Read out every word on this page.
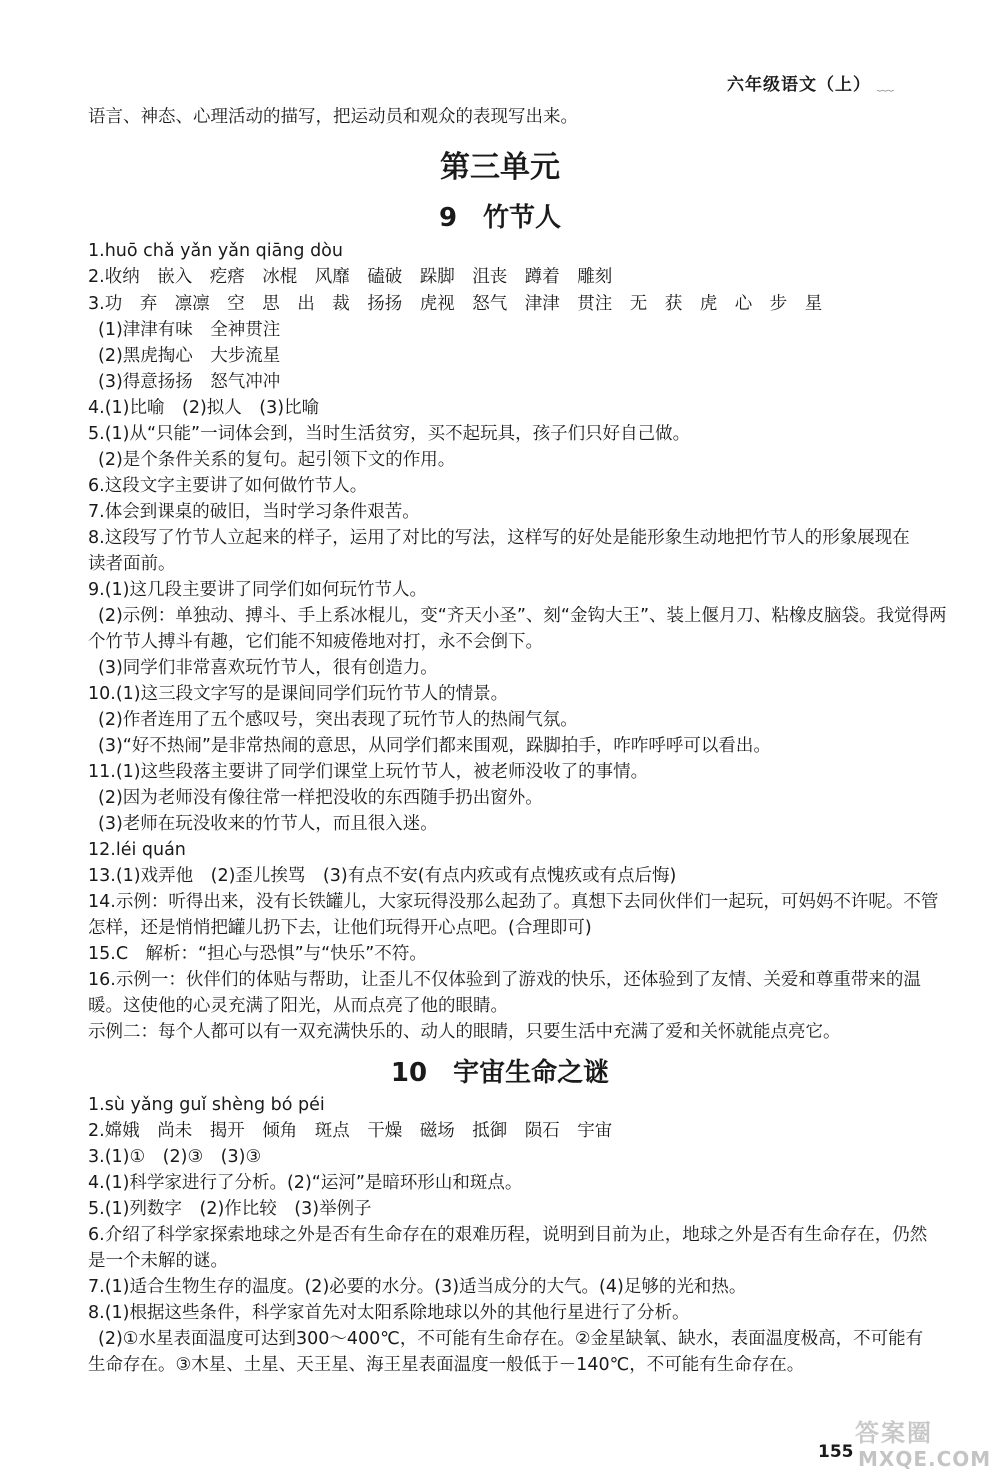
六年级语文（上） ﹏
语言、神态、心理活动的描写，把运动员和观众的表现写出来。
第三单元
9　竹节人
1.huō chǎ yǎn yǎn qiāng dòu
2.收纳　嵌入　疙瘩　冰棍　风靡　磕破　跺脚　沮丧　蹲着　雕刻
3.功　弃　凛凛　空　思　出　裁　扬扬　虎视　怒气　津津　贯注　无　获　虎　心　步　星
(1)津津有味　全神贯注
(2)黑虎掏心　大步流星
(3)得意扬扬　怒气冲冲
4.(1)比喻　(2)拟人　(3)比喻
5.(1)从“只能”一词体会到，当时生活贫穷，买不起玩具，孩子们只好自己做。
(2)是个条件关系的复句。起引领下文的作用。
6.这段文字主要讲了如何做竹节人。
7.体会到课桌的破旧，当时学习条件艰苦。
8.这段写了竹节人立起来的样子，运用了对比的写法，这样写的好处是能形象生动地把竹节人的形象展现在
读者面前。
9.(1)这几段主要讲了同学们如何玩竹节人。
(2)示例：单独动、搏斗、手上系冰棍儿，变“齐天小圣”、刻“金钩大王”、装上偃月刀、粘橡皮脑袋。我觉得两
个竹节人搏斗有趣，它们能不知疲倦地对打，永不会倒下。
(3)同学们非常喜欢玩竹节人，很有创造力。
10.(1)这三段文字写的是课间同学们玩竹节人的情景。
(2)作者连用了五个感叹号，突出表现了玩竹节人的热闹气氛。
(3)“好不热闹”是非常热闹的意思，从同学们都来围观，跺脚拍手，咋咋呼呼可以看出。
11.(1)这些段落主要讲了同学们课堂上玩竹节人，被老师没收了的事情。
(2)因为老师没有像往常一样把没收的东西随手扔出窗外。
(3)老师在玩没收来的竹节人，而且很入迷。
12.léi quán
13.(1)戏弄他　(2)歪儿挨骂　(3)有点不安(有点内疚或有点愧疚或有点后悔)
14.示例：听得出来，没有长铁罐儿，大家玩得没那么起劲了。真想下去同伙伴们一起玩，可妈妈不许呢。不管
怎样，还是悄悄把罐儿扔下去，让他们玩得开心点吧。(合理即可)
15.C　解析：“担心与恐惧”与“快乐”不符。
16.示例一：伙伴们的体贴与帮助，让歪儿不仅体验到了游戏的快乐，还体验到了友情、关爱和尊重带来的温
暖。这使他的心灵充满了阳光，从而点亮了他的眼睛。
示例二：每个人都可以有一双充满快乐的、动人的眼睛，只要生活中充满了爱和关怀就能点亮它。
10　宇宙生命之谜
1.sù yǎng guǐ shèng bó péi
2.嫦娥　尚未　揭开　倾角　斑点　干燥　磁场　抵御　陨石　宇宙
3.(1)①　(2)③　(3)③
4.(1)科学家进行了分析。(2)“运河”是暗环形山和斑点。
5.(1)列数字　(2)作比较　(3)举例子
6.介绍了科学家探索地球之外是否有生命存在的艰难历程，说明到目前为止，地球之外是否有生命存在，仍然
是一个未解的谜。
7.(1)适合生物生存的温度。(2)必要的水分。(3)适当成分的大气。(4)足够的光和热。
8.(1)根据这些条件，科学家首先对太阳系除地球以外的其他行星进行了分析。
(2)①水星表面温度可达到300～400℃，不可能有生命存在。②金星缺氧、缺水，表面温度极高，不可能有
生命存在。③木星、土星、天王星、海王星表面温度一般低于－140℃，不可能有生命存在。
155
答案圈
MXQE.COM
